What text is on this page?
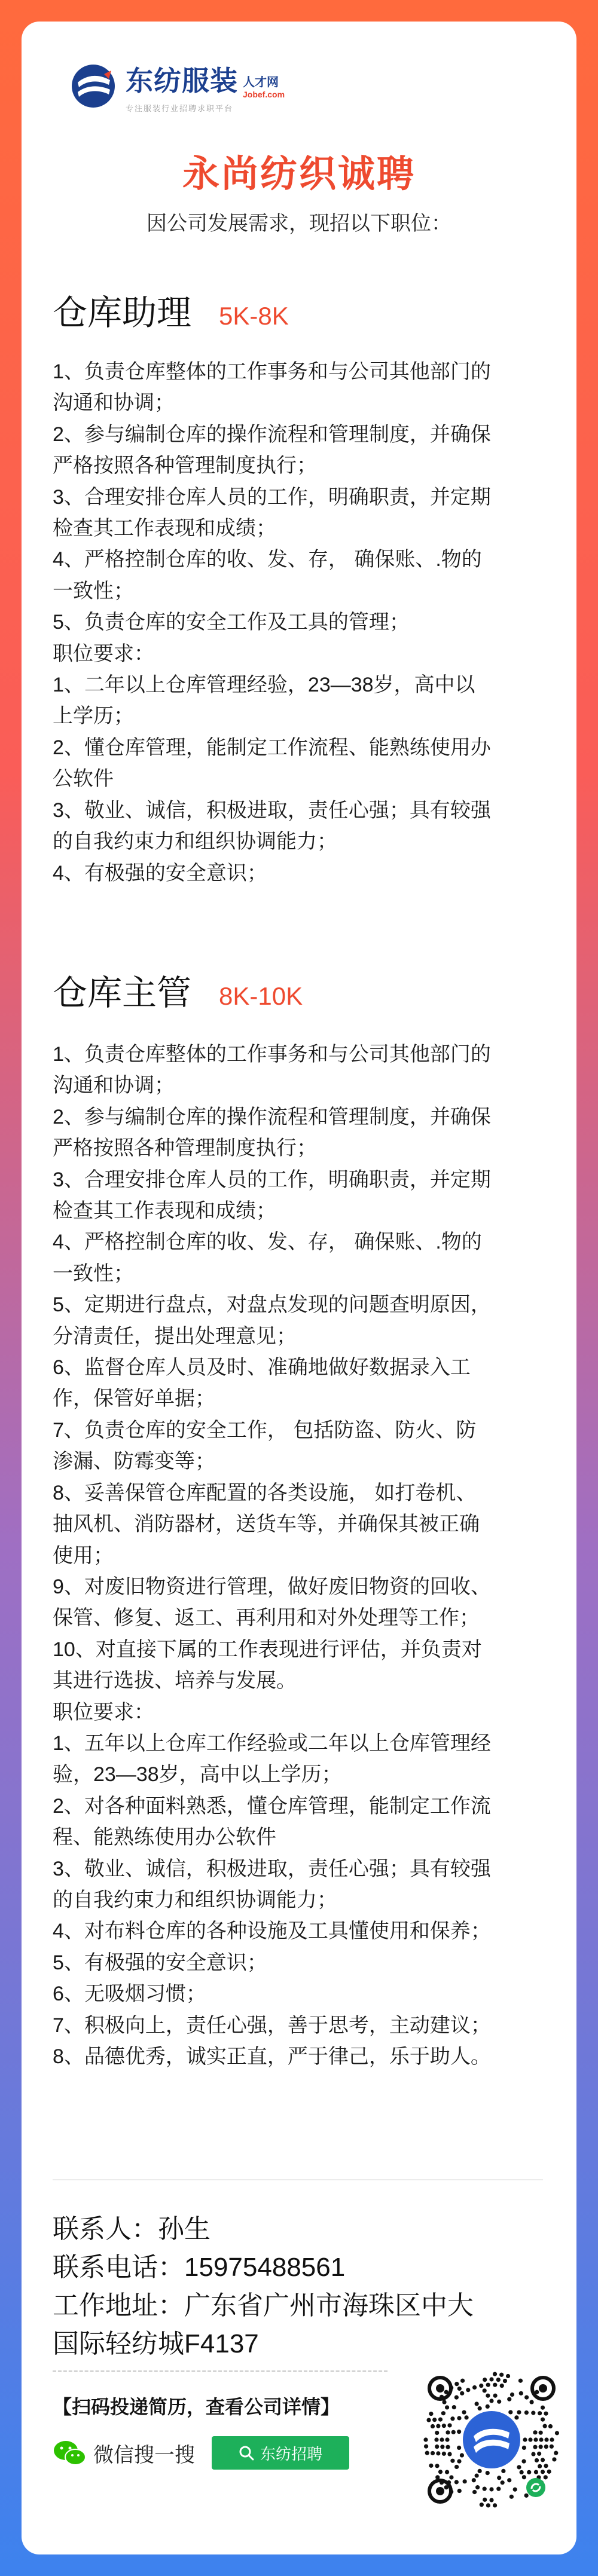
东纺服装 人才网
Jobef.com
专注服装行业招聘求职平台
永尚纺织诚聘
因公司发展需求，现招以下职位：
仓库助理 5K-8K
1、负责仓库整体的工作事务和与公司其他部门的
沟通和协调；
2、参与编制仓库的操作流程和管理制度，并确保
严格按照各种管理制度执行；
3、合理安排仓库人员的工作，明确职责，并定期
检查其工作表现和成绩；
4、严格控制仓库的收、发、存， 确保账、.物的
一致性；
5、负责仓库的安全工作及工具的管理；
职位要求：
1、二年以上仓库管理经验，23—38岁，高中以
上学历；
2、懂仓库管理，能制定工作流程、能熟练使用办
公软件
3、敬业、诚信，积极进取，责任心强；具有较强
的自我约束力和组织协调能力；
4、有极强的安全意识；
仓库主管 8K-10K
1、负责仓库整体的工作事务和与公司其他部门的
沟通和协调；
2、参与编制仓库的操作流程和管理制度，并确保
严格按照各种管理制度执行；
3、合理安排仓库人员的工作，明确职责，并定期
检查其工作表现和成绩；
4、严格控制仓库的收、发、存， 确保账、.物的
一致性；
5、定期进行盘点，对盘点发现的问题查明原因，
分清责任，提出处理意见；
6、监督仓库人员及时、准确地做好数据录入工
作，保管好单据；
7、负责仓库的安全工作， 包括防盗、防火、防
渗漏、防霉变等；
8、妥善保管仓库配置的各类设施， 如打卷机、
抽风机、消防器材，送货车等，并确保其被正确
使用；
9、对废旧物资进行管理，做好废旧物资的回收、
保管、修复、返工、再利用和对外处理等工作；
10、对直接下属的工作表现进行评估，并负责对
其进行选拔、培养与发展。
职位要求：
1、五年以上仓库工作经验或二年以上仓库管理经
验，23—38岁，高中以上学历；
2、对各种面料熟悉，懂仓库管理，能制定工作流
程、能熟练使用办公软件
3、敬业、诚信，积极进取，责任心强；具有较强
的自我约束力和组织协调能力；
4、对布料仓库的各种设施及工具懂使用和保养；
5、有极强的安全意识；
6、无吸烟习惯；
7、积极向上，责任心强，善于思考，主动建议；
8、品德优秀，诚实正直，严于律己，乐于助人。
联系人：孙生
联系电话：15975488561
工作地址：广东省广州市海珠区中大
国际轻纺城F4137
【扫码投递简历，查看公司详情】
微信搜一搜	东纺招聘
